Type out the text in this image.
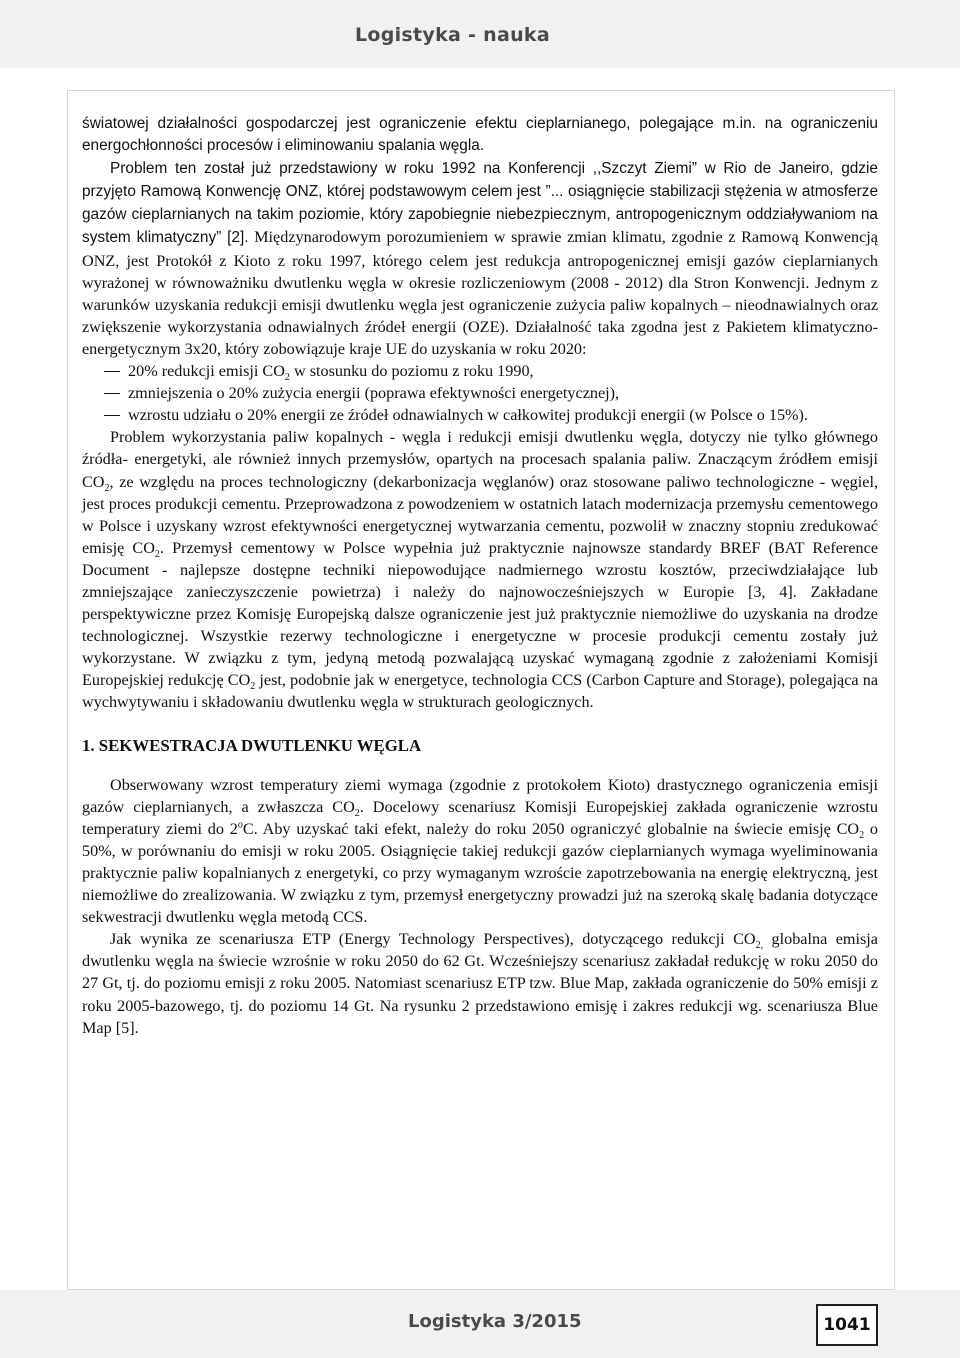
Logistyka - nauka

światowej działalności gospodarczej jest ograniczenie efektu cieplarnianego, polegające m.in. na ograniczeniu energochłonności procesów i eliminowaniu spalania węgla.

Problem ten został już przedstawiony w roku 1992 na Konferencji ,,Szczyt Ziemi” w Rio de Janeiro, gdzie przyjęto Ramową Konwencję ONZ, której podstawowym celem jest ”... osiągnięcie stabilizacji stężenia w atmosferze gazów cieplarnianych na takim poziomie, który zapobiegnie niebezpiecznym, antropogenicznym oddziaływaniom na system klimatyczny” [2]. Międzynarodowym porozumieniem w sprawie zmian klimatu, zgodnie z Ramową Konwencją ONZ, jest Protokół z Kioto z roku 1997, którego celem jest redukcja antropogenicznej emisji gazów cieplarnianych wyrażonej w równoważniku dwutlenku węgla w okresie rozliczeniowym (2008 - 2012) dla Stron Konwencji. Jednym z warunków uzyskania redukcji emisji dwutlenku węgla jest ograniczenie zużycia paliw kopalnych – nieodnawialnych oraz zwiększenie wykorzystania odnawialnych źródeł energii (OZE). Działalność taka zgodna jest z Pakietem klimatyczno-energetycznym 3x20, który zobowiązuje kraje UE do uzyskania w roku 2020:

20% redukcji emisji $CO_2$ w stosunku do poziomu z roku 1990,
zmniejszenia o 20% zużycia energii (poprawa efektywności energetycznej),
wzrostu udziału o 20% energii ze źródeł odnawialnych w całkowitej produkcji energii (w Polsce o 15%).

Problem wykorzystania paliw kopalnych - węgla i redukcji emisji dwutlenku węgla, dotyczy nie tylko głównego źródła- energetyki, ale również innych przemysłów, opartych na procesach spalania paliw. Znaczącym źródłem emisji $CO_2$, ze względu na proces technologiczny (dekarbonizacja węglanów) oraz stosowane paliwo technologiczne - węgiel, jest proces produkcji cementu. Przeprowadzona z powodzeniem w ostatnich latach modernizacja przemysłu cementowego w Polsce i uzyskany wzrost efektywności energetycznej wytwarzania cementu, pozwolił w znaczny stopniu zredukować emisję $CO_2$. Przemysł cementowy w Polsce wypełnia już praktycznie najnowsze standardy BREF (BAT Reference Document - najlepsze dostępne techniki niepowodujące nadmiernego wzrostu kosztów, przeciwdziałające lub zmniejszające zanieczyszczenie powietrza) i należy do najnowocześniejszych w Europie [3, 4]. Zakładane perspektywiczne przez Komisję Europejską dalsze ograniczenie jest już praktycznie niemożliwe do uzyskania na drodze technologicznej. Wszystkie rezerwy technologiczne i energetyczne w procesie produkcji cementu zostały już wykorzystane. W związku z tym, jedyną metodą pozwalającą uzyskać wymaganą zgodnie z założeniami Komisji Europejskiej redukcję $CO_2$ jest, podobnie jak w energetyce, technologia CCS (Carbon Capture and Storage), polegająca na wychwytywaniu i składowaniu dwutlenku węgla w strukturach geologicznych.

1. SEKWESTRACJA DWUTLENKU WĘGLA

Obserwowany wzrost temperatury ziemi wymaga (zgodnie z protokołem Kioto) drastycznego ograniczenia emisji gazów cieplarnianych, a zwłaszcza $CO_2$. Docelowy scenariusz Komisji Europejskiej zakłada ograniczenie wzrostu temperatury ziemi do 2$^o$C. Aby uzyskać taki efekt, należy do roku 2050 ograniczyć globalnie na świecie emisję $CO_2$ o 50%, w porównaniu do emisji w roku 2005. Osiągnięcie takiej redukcji gazów cieplarnianych wymaga wyeliminowania praktycznie paliw kopalnianych z energetyki, co przy wymaganym wzroście zapotrzebowania na energię elektryczną, jest niemożliwe do zrealizowania. W związku z tym, przemysł energetyczny prowadzi już na szeroką skalę badania dotyczące sekwestracji dwutlenku węgla metodą CCS.

Jak wynika ze scenariusza ETP (Energy Technology Perspectives), dotyczącego redukcji $CO_{2,}$ globalna emisja dwutlenku węgla na świecie wzrośnie w roku 2050 do 62 Gt. Wcześniejszy scenariusz zakładał redukcję w roku 2050 do 27 Gt, tj. do poziomu emisji z roku 2005. Natomiast scenariusz ETP tzw. Blue Map, zakłada ograniczenie do 50% emisji z roku 2005-bazowego, tj. do poziomu 14 Gt. Na rysunku 2 przedstawiono emisję i zakres redukcji wg. scenariusza Blue Map [5].

Logistyka 3/2015	1041
